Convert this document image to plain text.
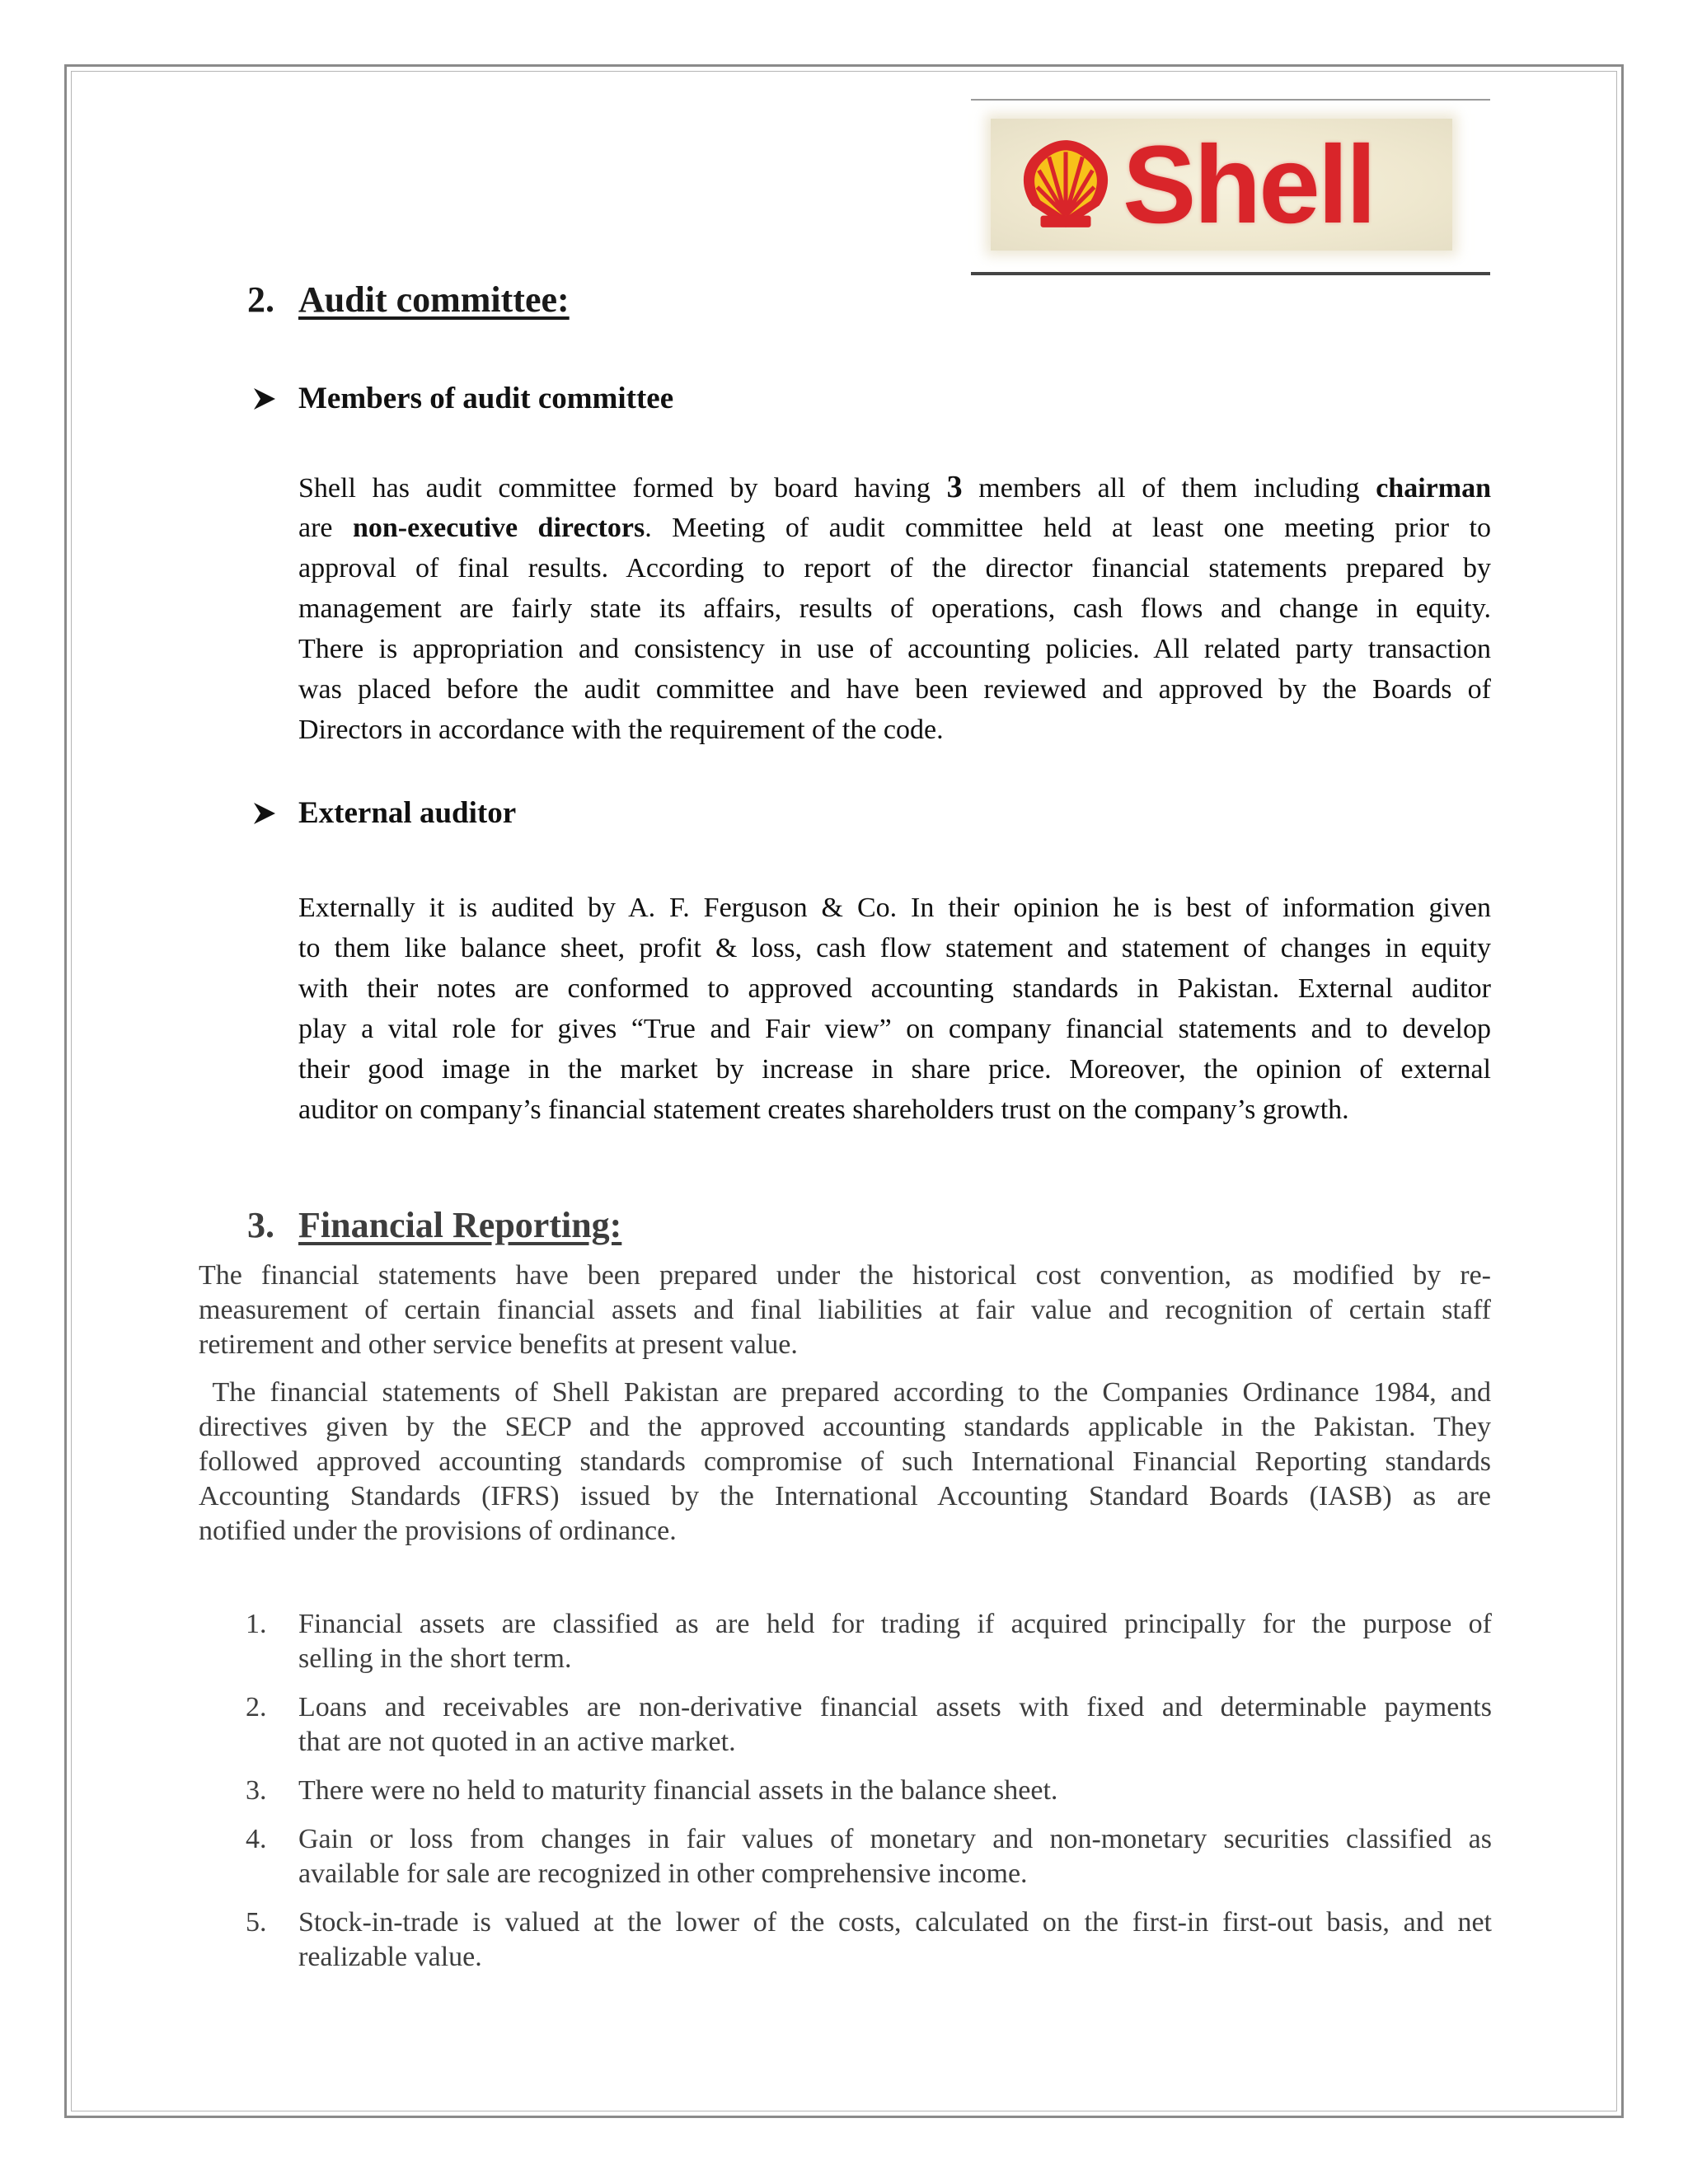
Shell
2. Audit committee:
Members of audit committee
Shell has audit committee formed by board having 3 members all of them including chairman
are non-executive directors. Meeting of audit committee held at least one meeting prior to
approval of final results. According to report of the director financial statements prepared by
management are fairly state its affairs, results of operations, cash flows and change in equity.
There is appropriation and consistency in use of accounting policies. All related party transaction
was placed before the audit committee and have been reviewed and approved by the Boards of
Directors in accordance with the requirement of the code.
External auditor
Externally it is audited by A. F. Ferguson & Co. In their opinion he is best of information given
to them like balance sheet, profit & loss, cash flow statement and statement of changes in equity
with their notes are conformed to approved accounting standards in Pakistan. External auditor
play a vital role for gives “True and Fair view” on company financial statements and to develop
their good image in the market by increase in share price. Moreover, the opinion of external
auditor on company’s financial statement creates shareholders trust on the company’s growth.
3. Financial Reporting:
The financial statements have been prepared under the historical cost convention, as modified by re-
measurement of certain financial assets and final liabilities at fair value and recognition of certain staff
retirement and other service benefits at present value.
The financial statements of Shell Pakistan are prepared according to the Companies Ordinance 1984, and
directives given by the SECP and the approved accounting standards applicable in the Pakistan. They
followed approved accounting standards compromise of such International Financial Reporting standards
Accounting Standards (IFRS) issued by the International Accounting Standard Boards (IASB) as are
notified under the provisions of ordinance.
1.	Financial assets are classified as are held for trading if acquired principally for the purpose of
selling in the short term.
2.	Loans and receivables are non-derivative financial assets with fixed and determinable payments
that are not quoted in an active market.
3.	There were no held to maturity financial assets in the balance sheet.
4.	Gain or loss from changes in fair values of monetary and non-monetary securities classified as
available for sale are recognized in other comprehensive income.
5.	Stock-in-trade is valued at the lower of the costs, calculated on the first-in first-out basis, and net
realizable value.
